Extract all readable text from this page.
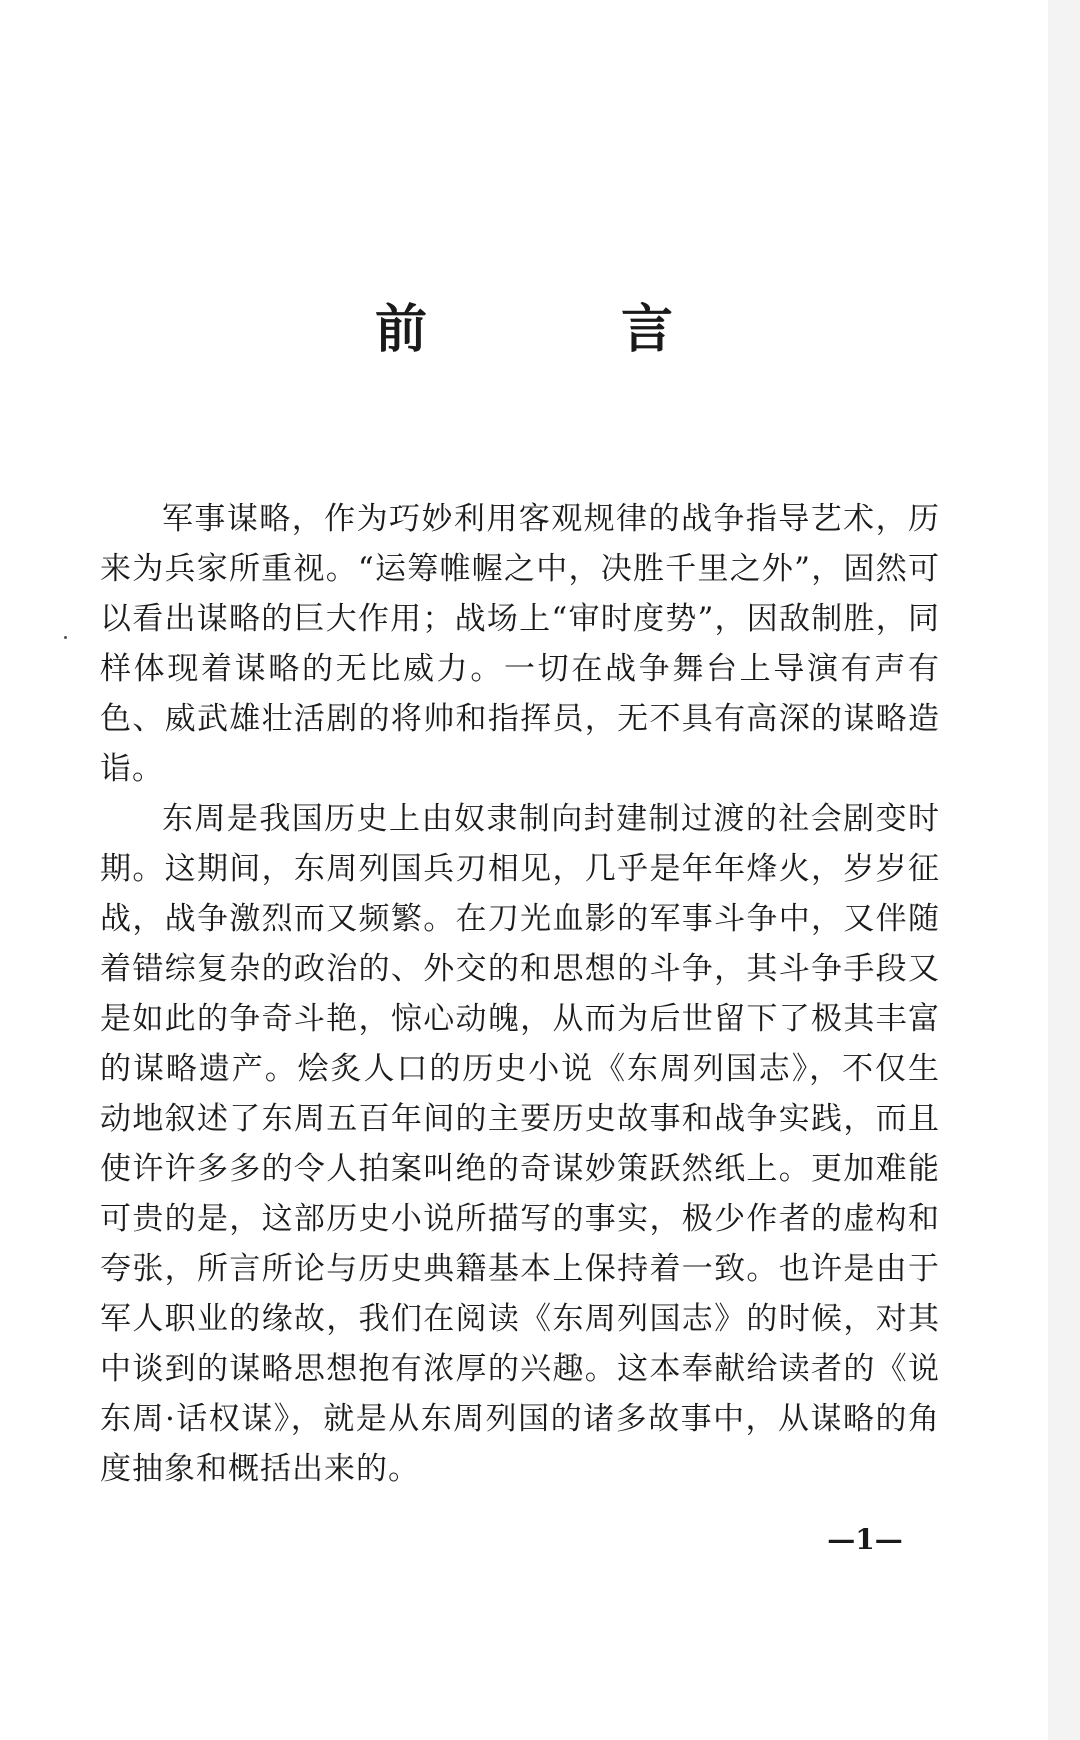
前 言

军事谋略，作为巧妙利用客观规律的战争指导艺术，历来为兵家所重视。“运筹帷幄之中，决胜千里之外”，固然可以看出谋略的巨大作用；战场上“审时度势”，因敌制胜，同样体现着谋略的无比威力。一切在战争舞台上导演有声有色、威武雄壮活剧的将帅和指挥员，无不具有高深的谋略造诣。

东周是我国历史上由奴隶制向封建制过渡的社会剧变时期。这期间，东周列国兵刃相见，几乎是年年烽火，岁岁征战，战争激烈而又频繁。在刀光血影的军事斗争中，又伴随着错综复杂的政治的、外交的和思想的斗争，其斗争手段又是如此的争奇斗艳，惊心动魄，从而为后世留下了极其丰富的谋略遗产。烩炙人口的历史小说《东周列国志》，不仅生动地叙述了东周五百年间的主要历史故事和战争实践，而且使许许多多的令人拍案叫绝的奇谋妙策跃然纸上。更加难能可贵的是，这部历史小说所描写的事实，极少作者的虚构和夸张，所言所论与历史典籍基本上保持着一致。也许是由于军人职业的缘故，我们在阅读《东周列国志》的时候，对其中谈到的谋略思想抱有浓厚的兴趣。这本奉献给读者的《说东周·话权谋》，就是从东周列国的诸多故事中，从谋略的角度抽象和概括出来的。

—1—
